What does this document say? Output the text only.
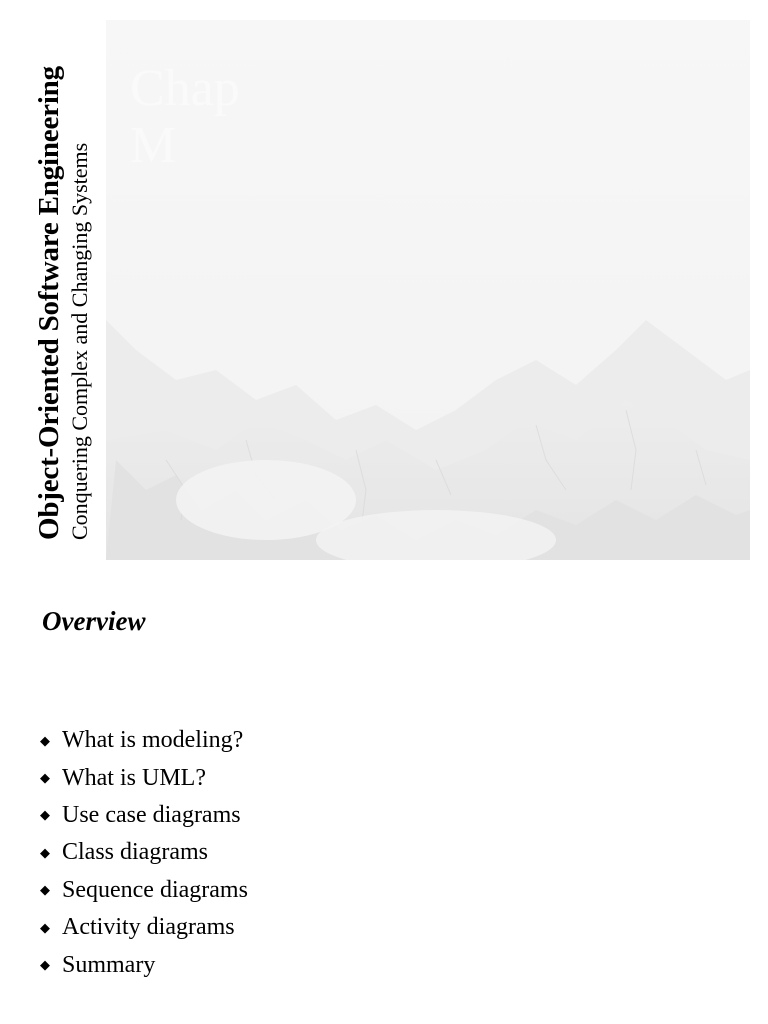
Object-Oriented Software Engineering Conquering Complex and Changing Systems
Chap
M
Overview
◆ What is modeling?
◆ What is UML?
◆ Use case diagrams
◆ Class diagrams
◆ Sequence diagrams
◆ Activity diagrams
◆ Summary
